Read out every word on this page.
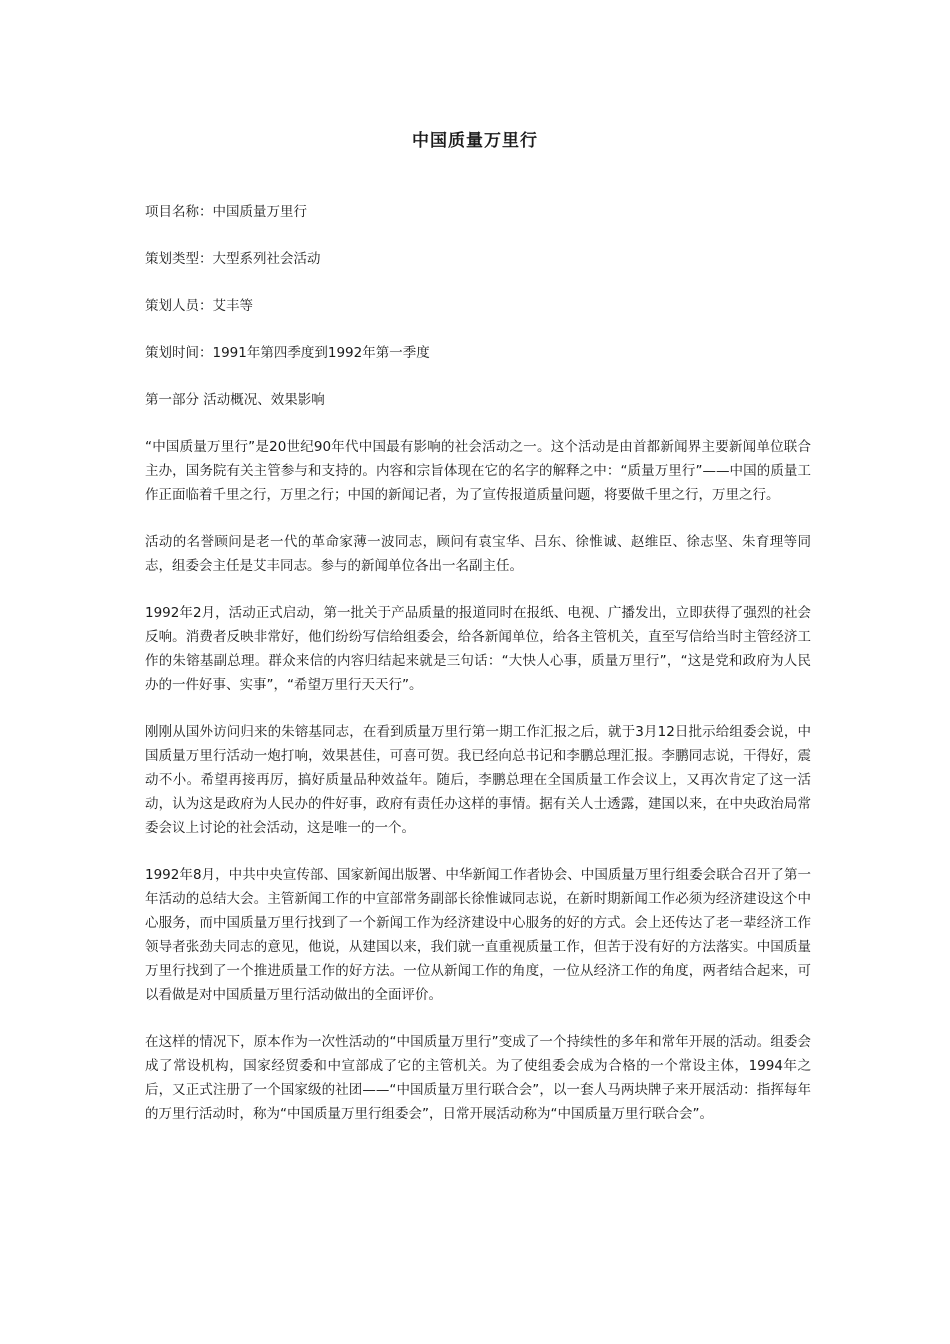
中国质量万里行

项目名称：中国质量万里行

策划类型：大型系列社会活动

策划人员：艾丰等

策划时间：1991年第四季度到1992年第一季度

第一部分 活动概况、效果影响

“中国质量万里行”是20世纪90年代中国最有影响的社会活动之一。这个活动是由首都新闻界主要新闻单位联合主办，国务院有关主管参与和支持的。内容和宗旨体现在它的名字的解释之中：“质量万里行”——中国的质量工作正面临着千里之行，万里之行；中国的新闻记者，为了宣传报道质量问题，将要做千里之行，万里之行。

活动的名誉顾问是老一代的革命家薄一波同志，顾问有袁宝华、吕东、徐惟诚、赵维臣、徐志坚、朱育理等同志，组委会主任是艾丰同志。参与的新闻单位各出一名副主任。

1992年2月，活动正式启动，第一批关于产品质量的报道同时在报纸、电视、广播发出，立即获得了强烈的社会反响。消费者反映非常好，他们纷纷写信给组委会，给各新闻单位，给各主管机关，直至写信给当时主管经济工作的朱镕基副总理。群众来信的内容归结起来就是三句话：“大快人心事，质量万里行”，“这是党和政府为人民办的一件好事、实事”，“希望万里行天天行”。

刚刚从国外访问归来的朱镕基同志，在看到质量万里行第一期工作汇报之后，就于3月12日批示给组委会说，中国质量万里行活动一炮打响，效果甚佳，可喜可贺。我已经向总书记和李鹏总理汇报。李鹏同志说，干得好，震动不小。希望再接再厉，搞好质量品种效益年。随后，李鹏总理在全国质量工作会议上，又再次肯定了这一活动，认为这是政府为人民办的件好事，政府有责任办这样的事情。据有关人士透露，建国以来，在中央政治局常委会议上讨论的社会活动，这是唯一的一个。

1992年8月，中共中央宣传部、国家新闻出版署、中华新闻工作者协会、中国质量万里行组委会联合召开了第一年活动的总结大会。主管新闻工作的中宣部常务副部长徐惟诚同志说，在新时期新闻工作必须为经济建设这个中心服务，而中国质量万里行找到了一个新闻工作为经济建设中心服务的好的方式。会上还传达了老一辈经济工作领导者张劲夫同志的意见，他说，从建国以来，我们就一直重视质量工作，但苦于没有好的方法落实。中国质量万里行找到了一个推进质量工作的好方法。一位从新闻工作的角度，一位从经济工作的角度，两者结合起来，可以看做是对中国质量万里行活动做出的全面评价。

在这样的情况下，原本作为一次性活动的“中国质量万里行”变成了一个持续性的多年和常年开展的活动。组委会成了常设机构，国家经贸委和中宣部成了它的主管机关。为了使组委会成为合格的一个常设主体，1994年之后，又正式注册了一个国家级的社团——“中国质量万里行联合会”，以一套人马两块牌子来开展活动：指挥每年的万里行活动时，称为“中国质量万里行组委会”，日常开展活动称为“中国质量万里行联合会”。
